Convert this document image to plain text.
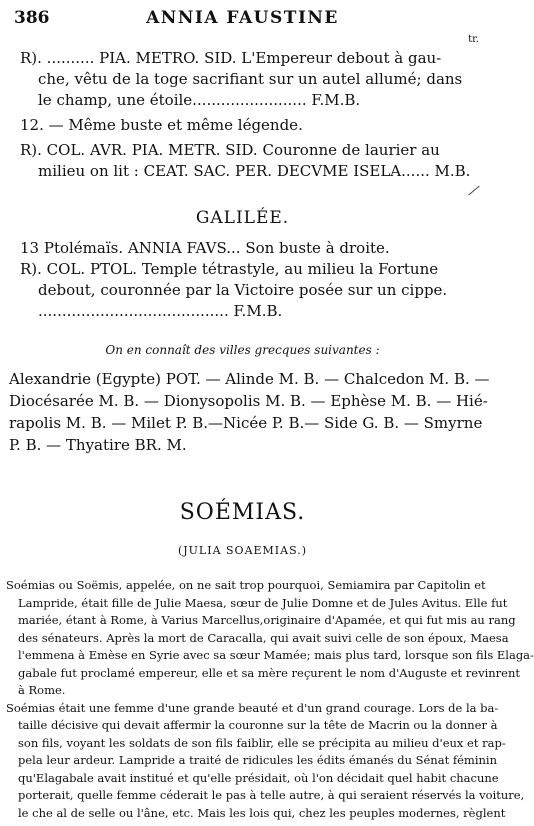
386	ANNIA FAUSTINE
tr.
R). .......... PIA. METRO. SID. L'Empereur debout à gau-
che, vêtu de la toge sacrifiant sur un autel allumé; dans
le champ, une étoile........................ F.M.B.
12. — Même buste et même légende.
R). COL. AVR. PIA. METR. SID. Couronne de laurier au
milieu on lit : CEAT. SAC. PER. DECVME ISELA...... M.B.
GALILÉE.
13 Ptolémaïs. ANNIA FAVS... Son buste à droite.
R). COL. PTOL. Temple tétrastyle, au milieu la Fortune
debout, couronnée par la Victoire posée sur un cippe.
........................................ F.M.B.
On en connaît des villes grecques suivantes :
Alexandrie (Egypte) POT. — Alinde M. B. — Chalcedon M. B. —
Diocésarée M. B. — Dionysopolis M. B. — Ephèse M. B. — Hié-
rapolis M. B. — Milet P. B.—Nicée P. B.— Side G. B. — Smyrne
P. B. — Thyatire BR. M.
SOÉMIAS.
(JULIA SOAEMIAS.)
Soémias ou Soëmis, appelée, on ne sait trop pourquoi, Semiamira par Capitolin et
Lampride, était fille de Julie Maesa, sœur de Julie Domne et de Jules Avitus. Elle fut
mariée, étant à Rome, à Varius Marcellus,originaire d'Apamée, et qui fut mis au rang
des sénateurs. Après la mort de Caracalla, qui avait suivi celle de son époux, Maesa
l'emmena à Emèse en Syrie avec sa sœur Mamée; mais plus tard, lorsque son fils Elaga-
gabale fut proclamé empereur, elle et sa mère reçurent le nom d'Auguste et revinrent
à Rome.
Soémias était une femme d'une grande beauté et d'un grand courage. Lors de la ba-
taille décisive qui devait affermir la couronne sur la tête de Macrin ou la donner à
son fils, voyant les soldats de son fils faiblir, elle se précipita au milieu d'eux et rap-
pela leur ardeur. Lampride a traité de ridicules les édits émanés du Sénat féminin
qu'Elagabale avait institué et qu'elle présidait, où l'on décidait quel habit chacune
porterait, quelle femme céderait le pas à telle autre, à qui seraient réservés la voiture,
le che al de selle ou l'âne, etc. Mais les lois qui, chez les peuples modernes, règlent
